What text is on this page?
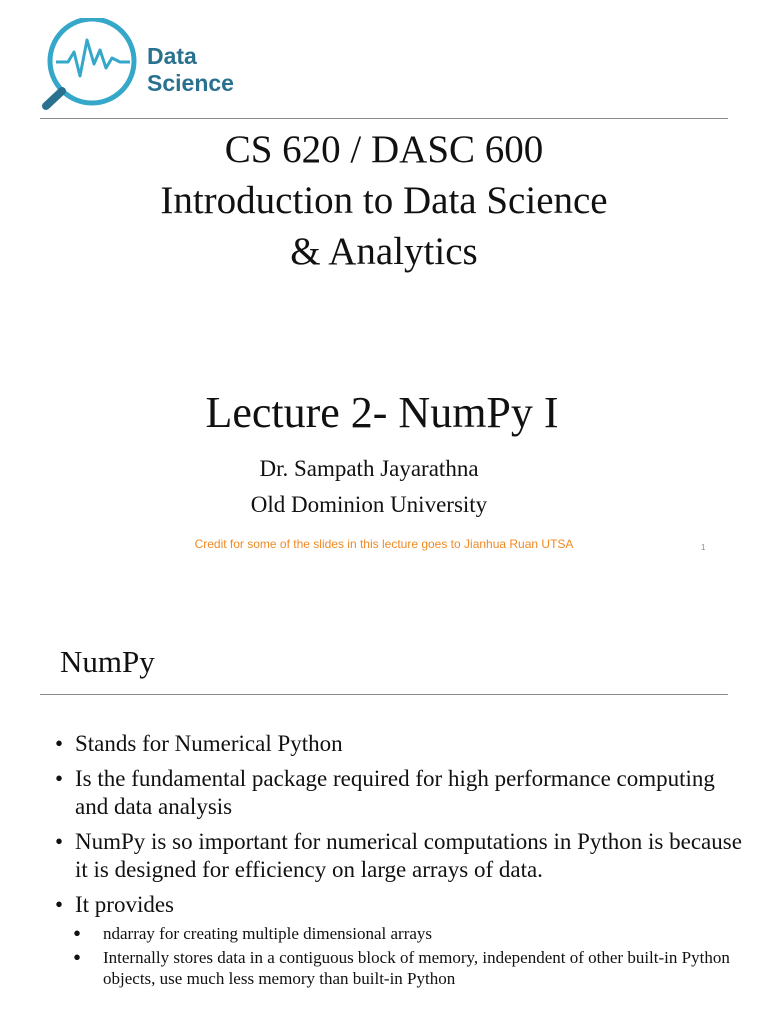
Data
Science
CS 620 / DASC 600
Introduction to Data Science
& Analytics
Lecture 2- NumPy I
Dr. Sampath Jayarathna
Old Dominion University
Credit for some of the slides in this lecture goes to Jianhua Ruan UTSA	1
NumPy
• Stands for Numerical Python
• Is the fundamental package required for high performance computing and data analysis
• NumPy is so important for numerical computations in Python is because it is designed for efficiency on large arrays of data.
• It provides
• ndarray for creating multiple dimensional arrays
• Internally stores data in a contiguous block of memory, independent of other built-in Python objects, use much less memory than built-in Python
